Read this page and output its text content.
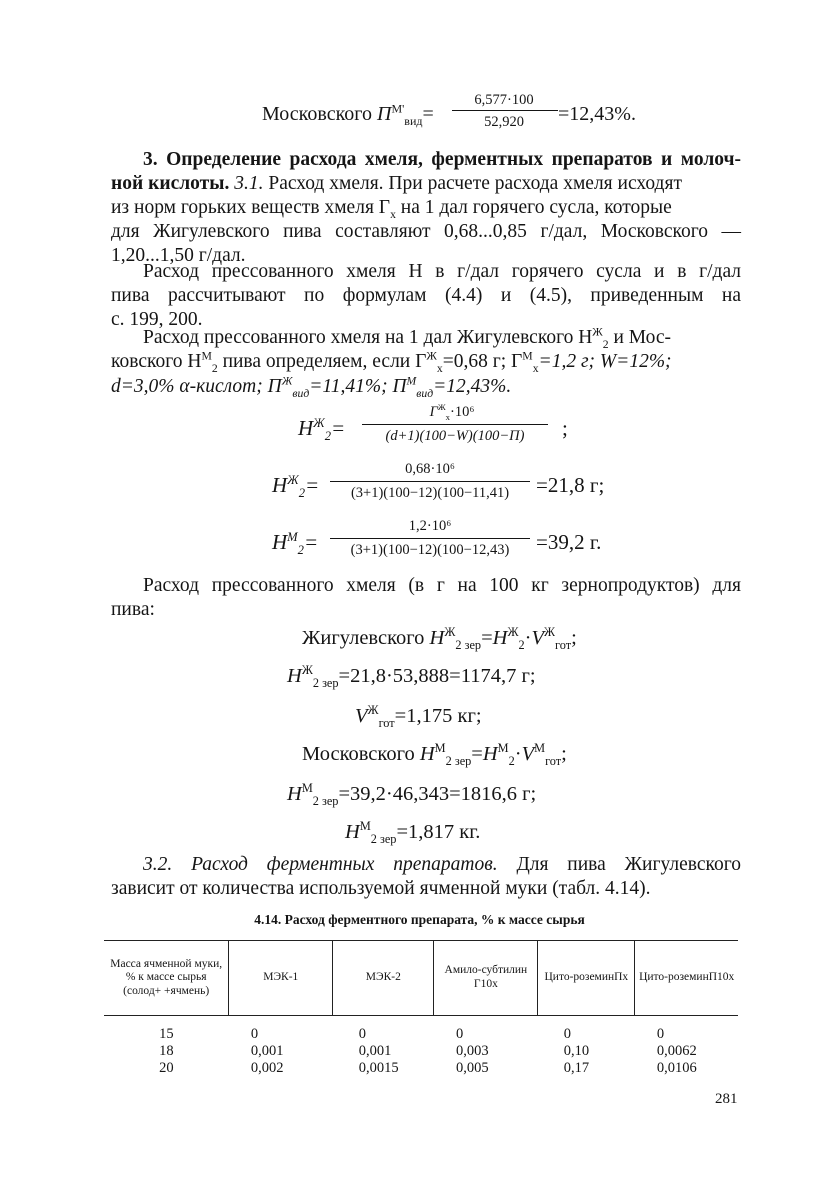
Московского $П^{М'}_{вид}=$
6,577·100
52,920	=12,43%.
3. Определение расхода хмеля, ферментных препаратов и молоч-
ной кислоты. 3.1. Расход хмеля. При расчете расхода хмеля исходят
из норм горьких веществ хмеля $Г_x$ на 1 дал горячего сусла, которые
для Жигулевского пива составляют 0,68...0,85 г/дал, Московского —
1,20...1,50 г/дал.
Расход прессованного хмеля Н в г/дал горячего сусла и в г/дал
пива рассчитывают по формулам (4.4) и (4.5), приведенным на
с. 199, 200.
Расход прессованного хмеля на 1 дал Жигулевского $Н^Ж_2$ и Мос-
ковского $Н^М_2$ пива определяем, если $Г^Ж_x=0,68$ г; $Г^М_x=1,2$ г; W=12%;
d=3,0% α-кислот; $П^Ж_{вид}=11,41\%$; $П^М_{вид}=12,43\%$.
$Н^Ж_2=$
$Г^Ж_x\cdot 10^6$
(d+1)(100−W)(100−П)	;
$Н^Ж_2=$
0,68·10⁶
(3+1)(100−12)(100−11,41)	=21,8 г;
$Н^М_2=$
1,2·10⁶
(3+1)(100−12)(100−12,43)	=39,2 г.
Расход прессованного хмеля (в г на 100 кг зернопродуктов) для
пива:
Жигулевского $Н^Ж_{2 зер}=Н^Ж_2\cdot V^Ж_{гот}$;
$Н^Ж_{2 зер}=21,8\cdot 53,888=1174,7$ г;
$V^Ж_{гот}=1,175$ кг;
Московского $Н^М_{2 зер}=Н^М_2\cdot V^М_{гот}$;
$Н^М_{2 зер}=39,2\cdot 46,343=1816,6$ г;
$Н^М_{2 зер}=1,817$ кг.
3.2. Расход ферментных препаратов. Для пива Жигулевского
зависит от количества используемой ячменной муки (табл. 4.14).
4.14. Расход ферментного препарата, % к массе сырья
Масса ячменной муки, % к массе сырья (солод+ +ячмень)	МЭК-1	МЭК-2	Амило-субтилин Г10х	Цито-роземинПх	Цито-роземинП10х
15	0	0	0	0	0
18	0,001	0,001	0,003	0,10	0,0062
20	0,002	0,0015	0,005	0,17	0,0106
281
